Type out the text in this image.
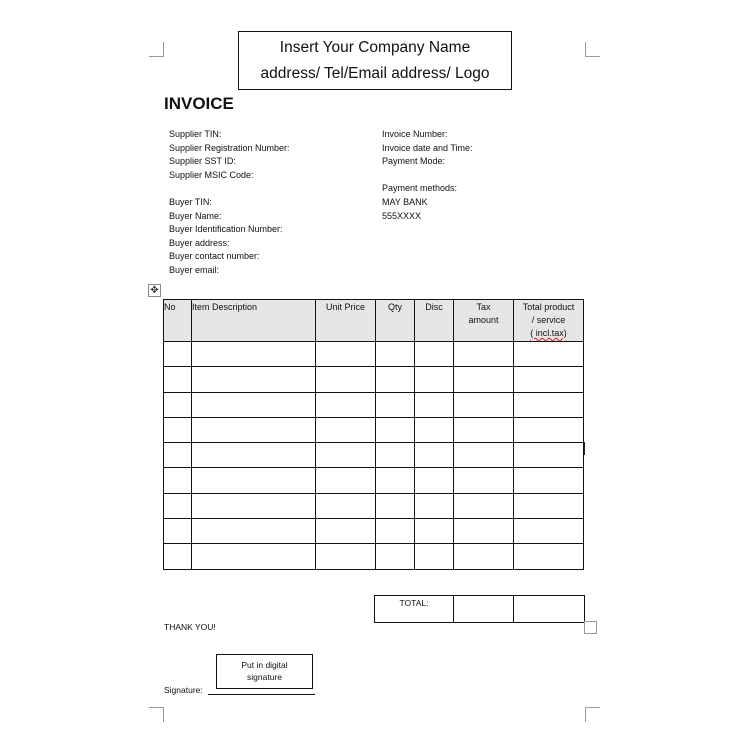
Insert Your Company Name
address/ Tel/Email address/ Logo
INVOICE
Supplier TIN:
Supplier Registration Number:
Supplier SST ID:
Supplier MSIC Code:
Buyer TIN:
Buyer Name:
Buyer Identification Number:
Buyer address:
Buyer contact number:
Buyer email:
Invoice Number:
Invoice date and Time:
Payment Mode:
Payment methods:
MAY BANK
555XXXX
✥
No	Item Description	Unit Price	Qty	Disc	Tax amount	Total product
/ service
( incl.tax)

TOTAL:		
THANK YOU!
Put in digital
signature
Signature:
